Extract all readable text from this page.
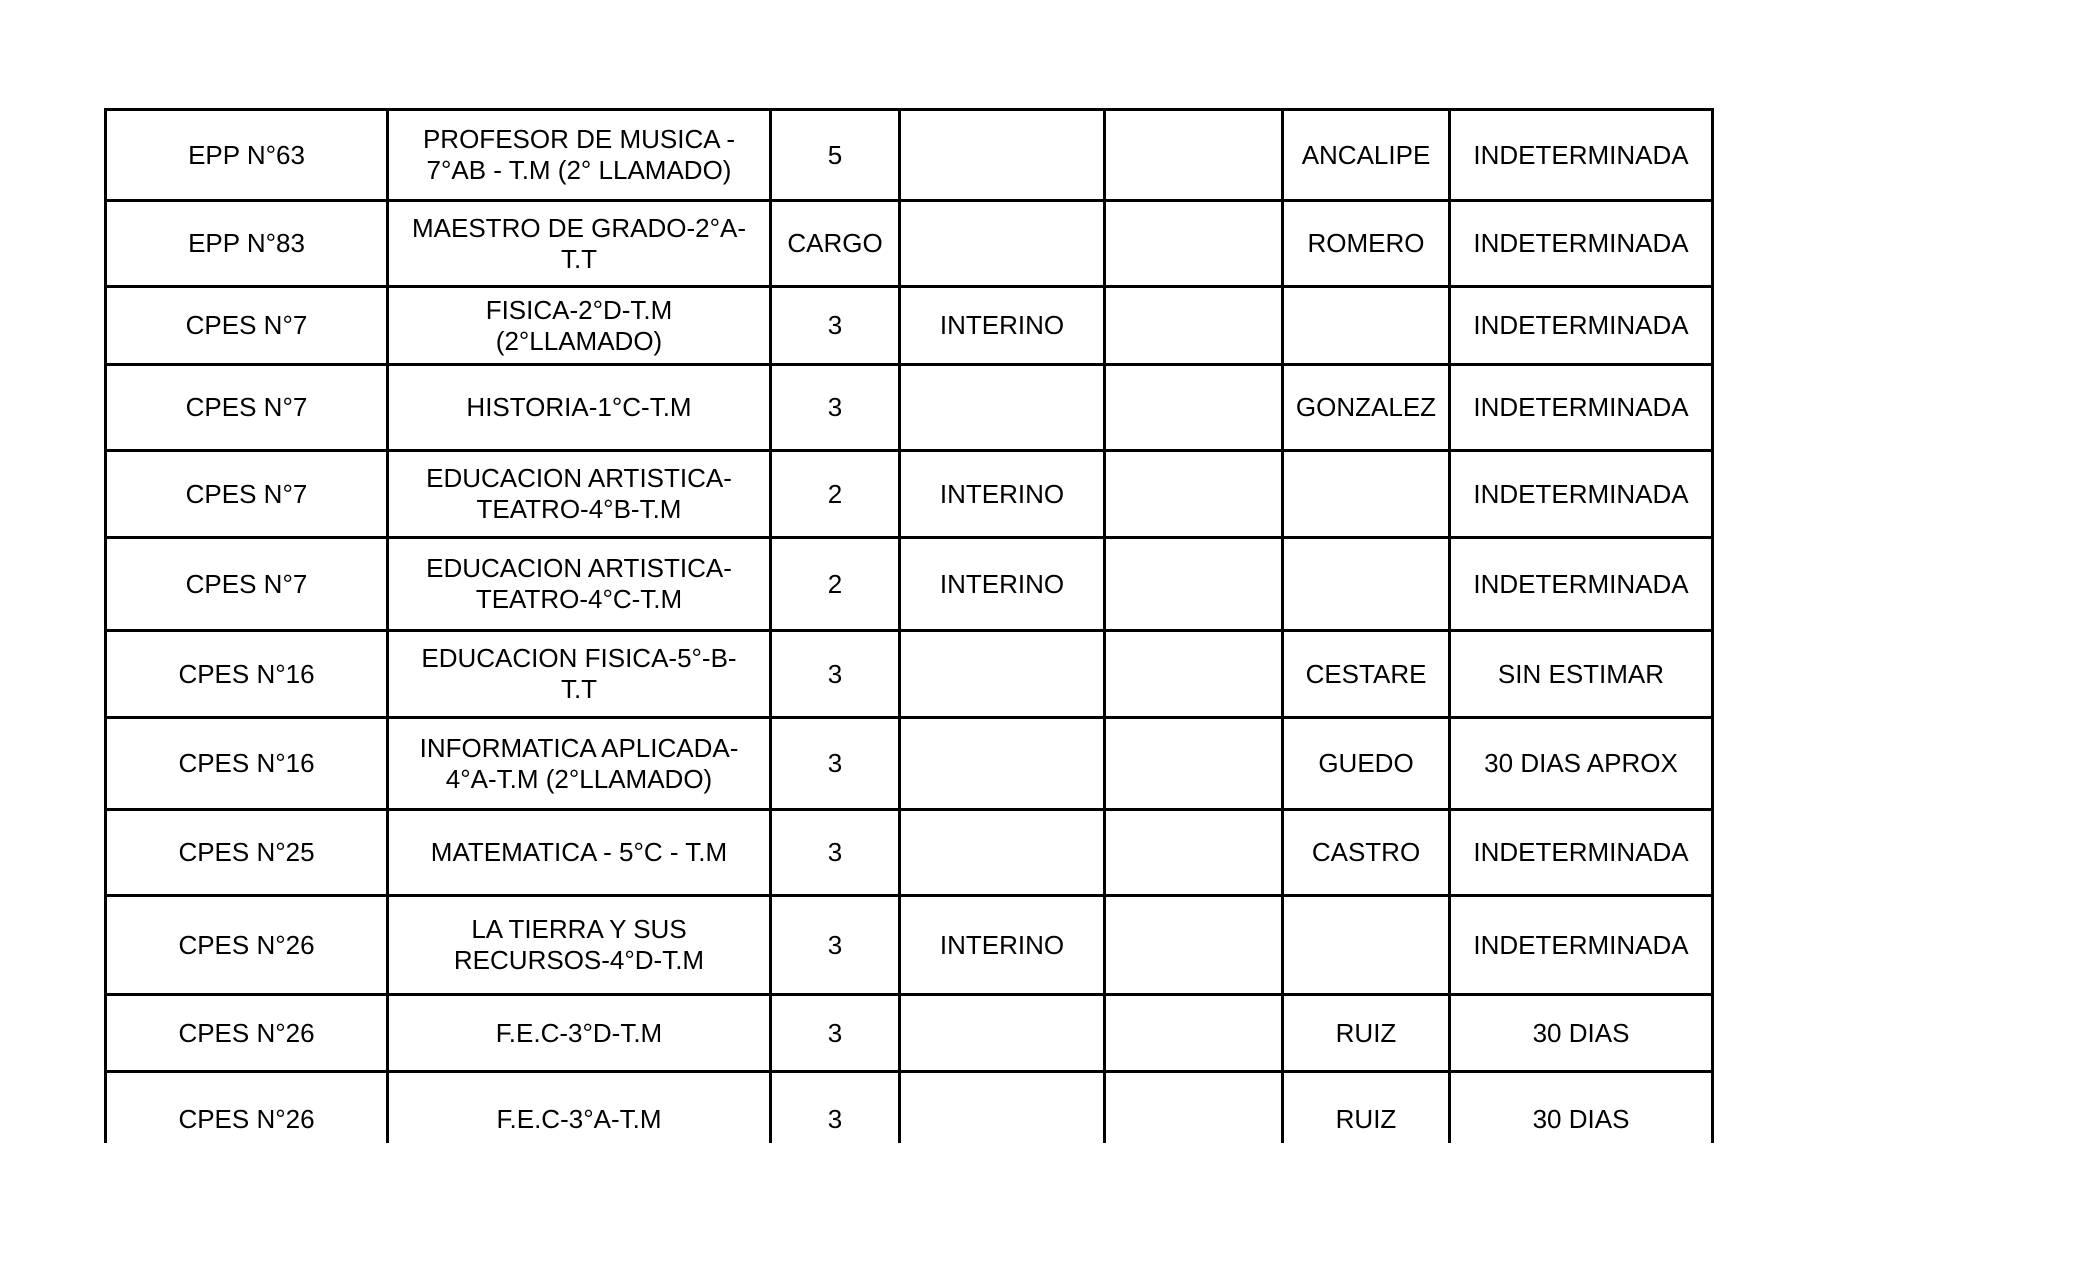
EPP N°63	PROFESOR DE MUSICA - 7°AB - T.M (2° LLAMADO)	5			ANCALIPE	INDETERMINADA
EPP N°83	MAESTRO DE GRADO-2°A-T.T	CARGO			ROMERO	INDETERMINADA
CPES N°7	FISICA-2°D-T.M (2°LLAMADO)	3	INTERINO			INDETERMINADA
CPES N°7	HISTORIA-1°C-T.M	3			GONZALEZ	INDETERMINADA
CPES N°7	EDUCACION ARTISTICA-TEATRO-4°B-T.M	2	INTERINO			INDETERMINADA
CPES N°7	EDUCACION ARTISTICA-TEATRO-4°C-T.M	2	INTERINO			INDETERMINADA
CPES N°16	EDUCACION FISICA-5°-B-T.T	3			CESTARE	SIN ESTIMAR
CPES N°16	INFORMATICA APLICADA-4°A-T.M (2°LLAMADO)	3			GUEDO	30 DIAS APROX
CPES N°25	MATEMATICA - 5°C - T.M	3			CASTRO	INDETERMINADA
CPES N°26	LA TIERRA Y SUS RECURSOS-4°D-T.M	3	INTERINO			INDETERMINADA
CPES N°26	F.E.C-3°D-T.M	3			RUIZ	30 DIAS
CPES N°26	F.E.C-3°A-T.M	3			RUIZ	30 DIAS
